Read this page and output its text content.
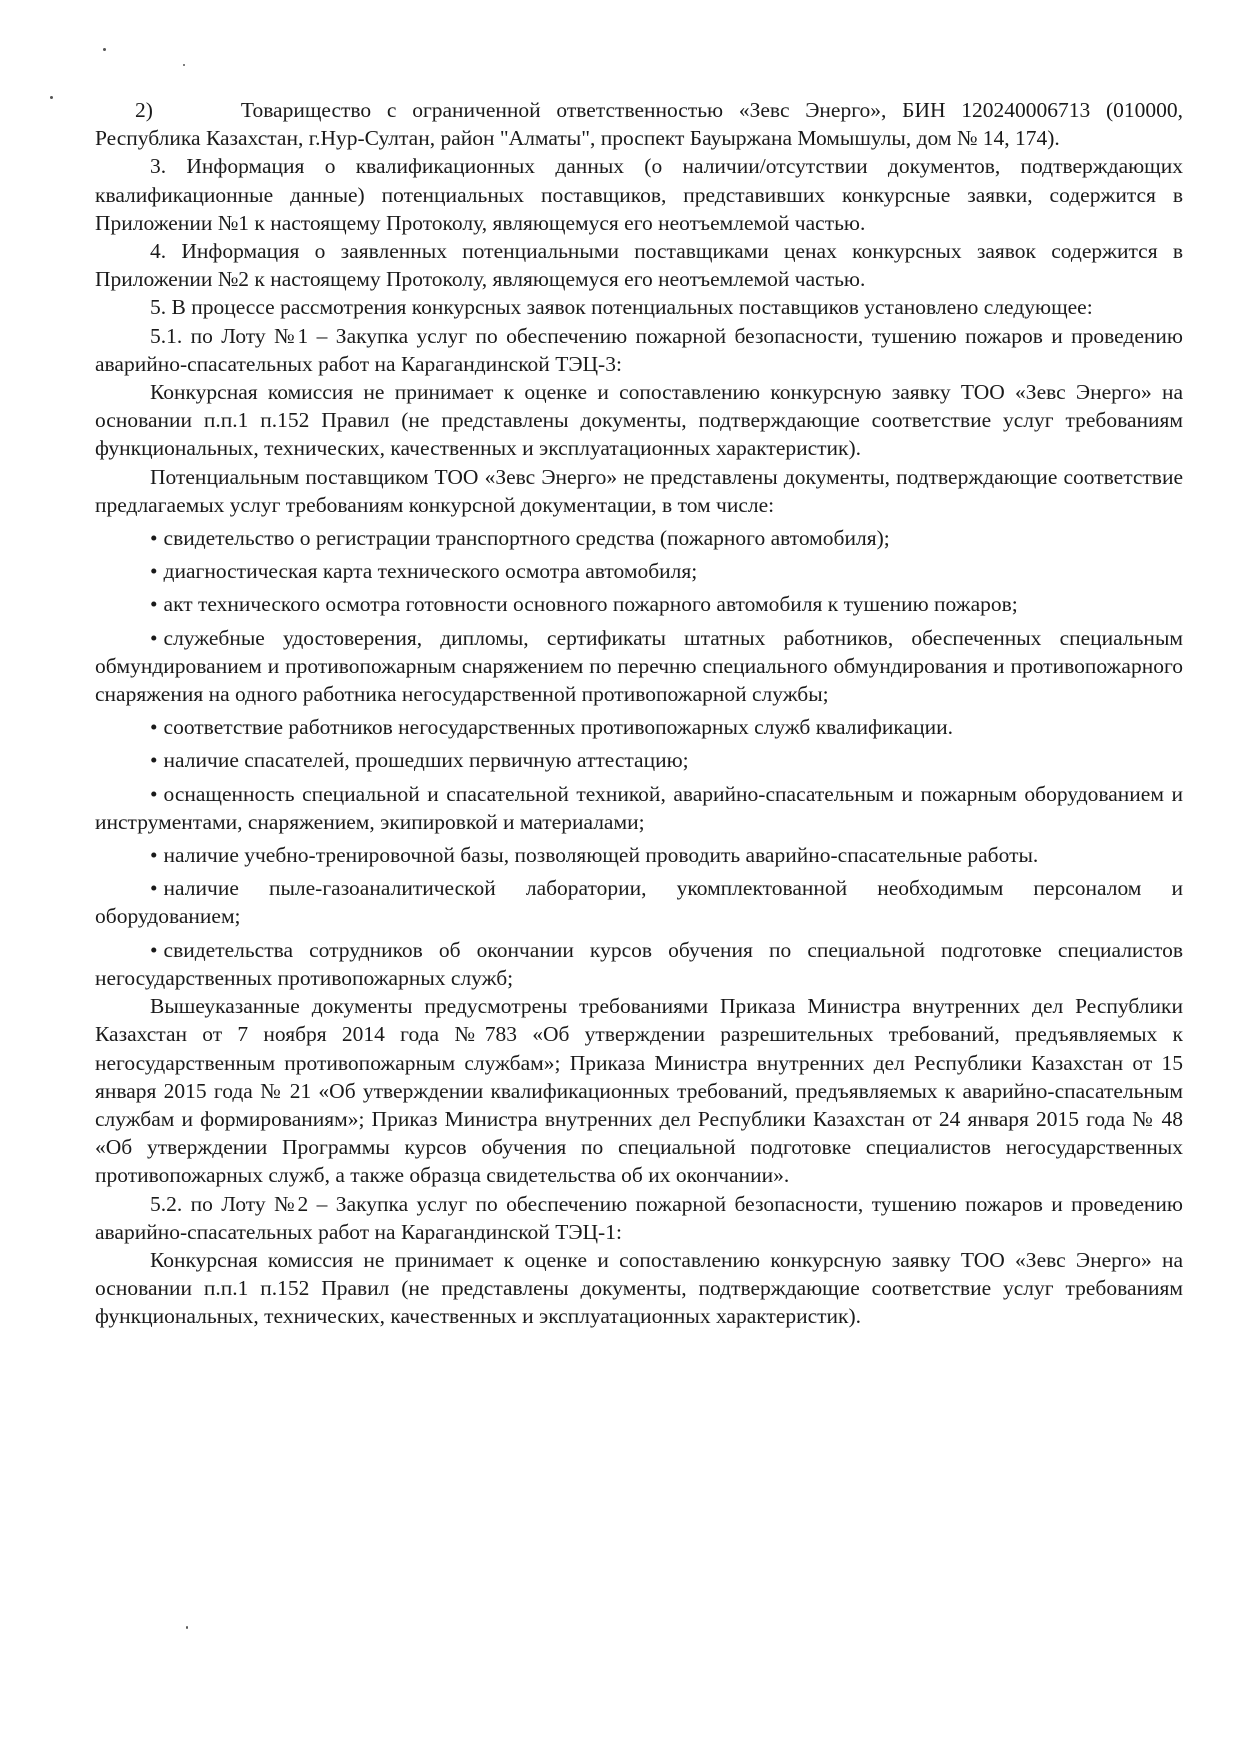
2)	Товарищество с ограниченной ответственностью «Зевс Энерго», БИН 120240006713 (010000, Республика Казахстан, г.Нур-Султан, район "Алматы", проспект Бауыржана Момышулы, дом № 14, 174).

3. Информация о квалификационных данных (о наличии/отсутствии документов, подтверждающих квалификационные данные) потенциальных поставщиков, представивших конкурсные заявки, содержится в Приложении №1 к настоящему Протоколу, являющемуся его неотъемлемой частью.

4. Информация о заявленных потенциальными поставщиками ценах конкурсных заявок содержится в Приложении №2 к настоящему Протоколу, являющемуся его неотъемлемой частью.

5. В процессе рассмотрения конкурсных заявок потенциальных поставщиков установлено следующее:

5.1. по Лоту №1 – Закупка услуг по обеспечению пожарной безопасности, тушению пожаров и проведению аварийно-спасательных работ на Карагандинской ТЭЦ-3:

Конкурсная комиссия не принимает к оценке и сопоставлению конкурсную заявку ТОО «Зевс Энерго» на основании п.п.1 п.152 Правил (не представлены документы, подтверждающие соответствие услуг требованиям функциональных, технических, качественных и эксплуатационных характеристик).

Потенциальным поставщиком ТОО «Зевс Энерго» не представлены документы, подтверждающие соответствие предлагаемых услуг требованиям конкурсной документации, в том числе:

• свидетельство о регистрации транспортного средства (пожарного автомобиля);

• диагностическая карта технического осмотра автомобиля;

• акт технического осмотра готовности основного пожарного автомобиля к тушению пожаров;

• служебные удостоверения, дипломы, сертификаты штатных работников, обеспеченных специальным обмундированием и противопожарным снаряжением по перечню специального обмундирования и противопожарного снаряжения на одного работника негосударственной противопожарной службы;

• соответствие работников негосударственных противопожарных служб квалификации.

• наличие спасателей, прошедших первичную аттестацию;

• оснащенность специальной и спасательной техникой, аварийно-спасательным и пожарным оборудованием и инструментами, снаряжением, экипировкой и материалами;

• наличие учебно-тренировочной базы, позволяющей проводить аварийно-спасательные работы.

• наличие пыле-газоаналитической лаборатории, укомплектованной необходимым персоналом и оборудованием;

• свидетельства сотрудников об окончании курсов обучения по специальной подготовке специалистов негосударственных противопожарных служб;

Вышеуказанные документы предусмотрены требованиями Приказа Министра внутренних дел Республики Казахстан от 7 ноября 2014 года №783 «Об утверждении разрешительных требований, предъявляемых к негосударственным противопожарным службам»; Приказа Министра внутренних дел Республики Казахстан от 15 января 2015 года № 21 «Об утверждении квалификационных требований, предъявляемых к аварийно-спасательным службам и формированиям»; Приказ Министра внутренних дел Республики Казахстан от 24 января 2015 года № 48 «Об утверждении Программы курсов обучения по специальной подготовке специалистов негосударственных противопожарных служб, а также образца свидетельства об их окончании».

5.2. по Лоту №2 – Закупка услуг по обеспечению пожарной безопасности, тушению пожаров и проведению аварийно-спасательных работ на Карагандинской ТЭЦ-1:

Конкурсная комиссия не принимает к оценке и сопоставлению конкурсную заявку ТОО «Зевс Энерго» на основании п.п.1 п.152 Правил (не представлены документы, подтверждающие соответствие услуг требованиям функциональных, технических, качественных и эксплуатационных характеристик).
